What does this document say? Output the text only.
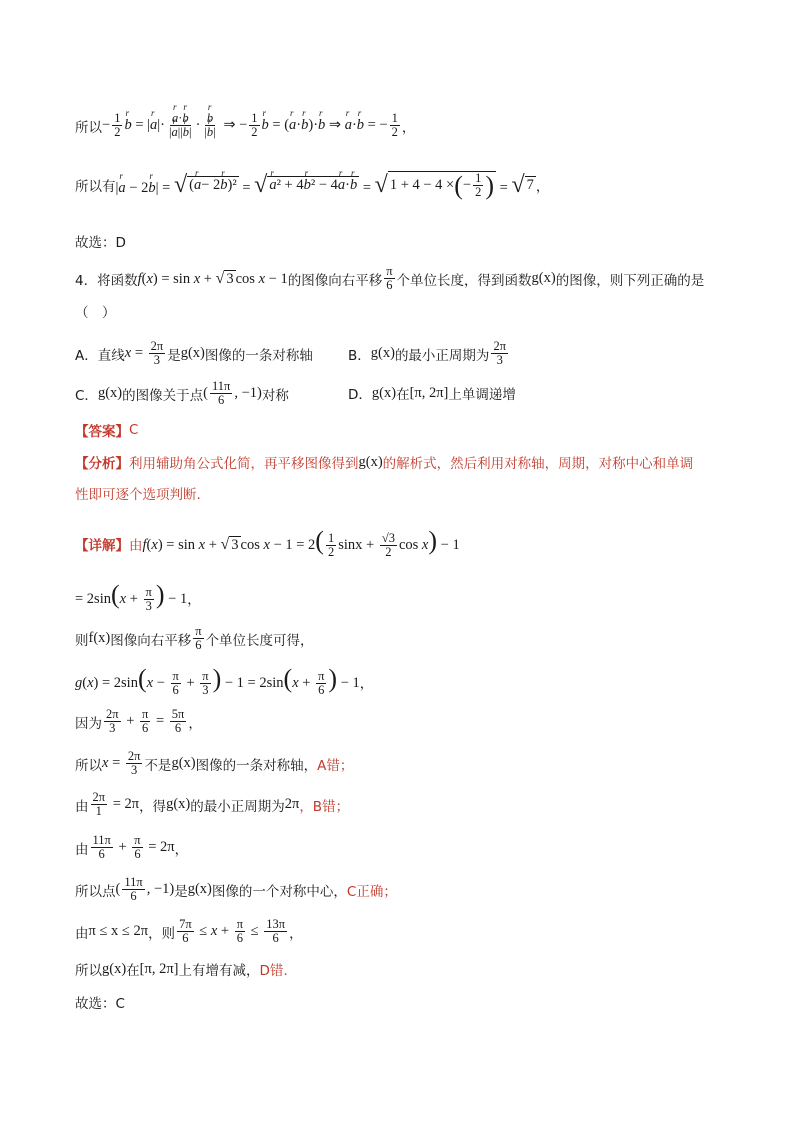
所以 − $\frac{1}{2}$
r b = |r a|·
r $\frac{\text{a·r b}}{\text{|r a||r b|}}$ ·
r $\frac{b}{\text{|r b|}}$ ⇒ − $\frac{1}{2}$
r b = (r a·r b)·r b ⇒ r a·r b = − $\frac{1}{2}$ ，
所以有 |r a − 2r b| = √ (
r a − 2
r b )² = √
r a ² + 4
r b ² − 4
r a ·
r b = √ 1 + 4 − 4 × ( − $\frac{1}{2}$ ) = √ 7 ，
故选：D
4． 将函数 f(x) = sin x + √ 3 cos x − 1 的图像向右平移 $\frac{\pi}{6}$ 个单位长度，得到函数 g(x) 的图像，则下列正确的是
（　）
A． 直线 $x = \frac{2\pi}{3}$ 是 g(x) 图像的一条对称轴	B． g(x) 的最小正周期为 $\frac{2\pi}{3}$
C． g(x) 的图像关于点 ( $\frac{11\pi}{6}$ , −1) 对称	D． g(x) 在 [π, 2π] 上单调递增
【答案】 C
【分析】 利用辅助角公式化简，再平移图像得到 g(x) 的解析式，然后利用对称轴，周期，对称中心和单调
性即可逐个选项判断.
【详解】 由 f(x) = sin x + √ 3 $\cos x - 1 = 2( \frac{1}{2}$ $\sin x + \frac{√3}{2}$ cos x) − 1
= $2\sin(x + \frac{\pi}{3}$ ) − 1 ，
则 f(x) 图像向右平移 $\frac{\pi}{6}$ 个单位长度可得，
$g(x) = 2\sin(x - \frac{\pi}{6} + \frac{\pi}{3}$ ) − $1 = 2\sin(x + \frac{\pi}{6}$ ) − 1 ，
因为 $\frac{2\pi}{3} + \frac{\pi}{6} = \frac{5\pi}{6}$ ，
所以 $x = \frac{2\pi}{3}$ 不是 g(x) 图像的一条对称轴， A错；
由 $\frac{2\pi}{1} = 2\pi$ ，得 g(x) 的最小正周期为 2π ，B错；
由 $\frac{11\pi}{6} + \frac{\pi}{6} = 2\pi$ ，
所以点 ( $\frac{11\pi}{6}$ , −1) 是 g(x) 图像的一个对称中心， C正确；
由 π ≤ x ≤ 2π ，则 $\frac{7\pi}{6} \le x + \frac{\pi}{6} \le \frac{13\pi}{6}$ ，
所以 g(x) 在 [π, 2π] 上有增有减， D错.
故选：C
